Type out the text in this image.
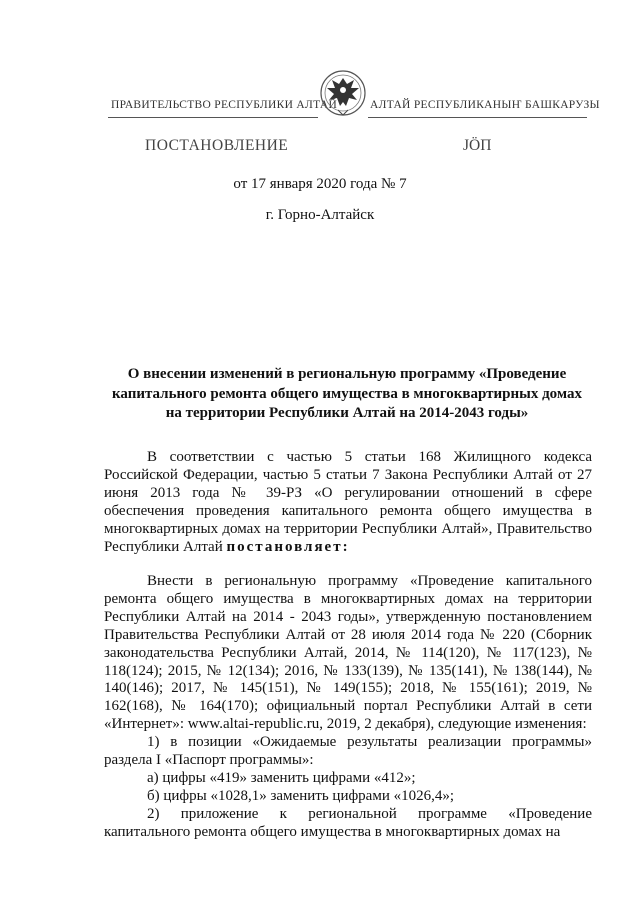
ПРАВИТЕЛЬСТВО РЕСПУБЛИКИ АЛТАЙ	АЛТАЙ РЕСПУБЛИКАНЫҤ БАШКАРУЗЫ
ПОСТАНОВЛЕНИЕ	JÖП
от 17 января 2020 года № 7
г. Горно-Алтайск
О внесении изменений в региональную программу «Проведение капитального ремонта общего имущества в многоквартирных домах на территории Республики Алтай на 2014-2043 годы»
В соответствии с частью 5 статьи 168 Жилищного кодекса Российской Федерации, частью 5 статьи 7 Закона Республики Алтай от 27 июня 2013 года № 39-РЗ «О регулировании отношений в сфере обеспечения проведения капитального ремонта общего имущества в многоквартирных домах на территории Республики Алтай», Правительство Республики Алтай постановляет:
Внести в региональную программу «Проведение капитального ремонта общего имущества в многоквартирных домах на территории Республики Алтай на 2014 - 2043 годы», утвержденную постановлением Правительства Республики Алтай от 28 июля 2014 года № 220 (Сборник законодательства Республики Алтай, 2014, № 114(120), № 117(123), № 118(124); 2015, № 12(134); 2016, № 133(139), № 135(141), № 138(144), № 140(146); 2017, № 145(151), № 149(155); 2018, № 155(161); 2019, № 162(168), № 164(170); официальный портал Республики Алтай в сети «Интернет»: www.altai-republic.ru, 2019, 2 декабря), следующие изменения:
1) в позиции «Ожидаемые результаты реализации программы» раздела I «Паспорт программы»:
а) цифры «419» заменить цифрами «412»;
б) цифры «1028,1» заменить цифрами «1026,4»;
2) приложение к региональной программе «Проведение капитального ремонта общего имущества в многоквартирных домах на
